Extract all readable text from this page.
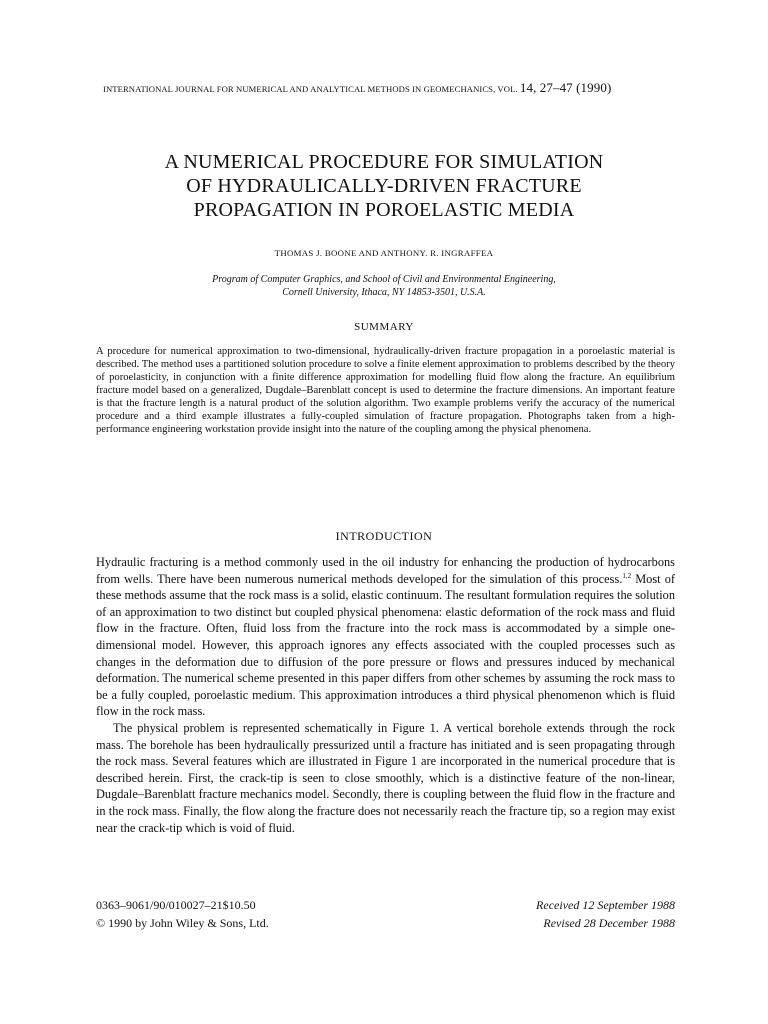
INTERNATIONAL JOURNAL FOR NUMERICAL AND ANALYTICAL METHODS IN GEOMECHANICS, VOL. 14, 27–47 (1990)
A NUMERICAL PROCEDURE FOR SIMULATION
OF HYDRAULICALLY-DRIVEN FRACTURE
PROPAGATION IN POROELASTIC MEDIA
THOMAS J. BOONE AND ANTHONY. R. INGRAFFEA
Program of Computer Graphics, and School of Civil and Environmental Engineering,
Cornell University, Ithaca, NY 14853-3501, U.S.A.
SUMMARY
A procedure for numerical approximation to two-dimensional, hydraulically-driven fracture propagation in a poroelastic material is described. The method uses a partitioned solution procedure to solve a finite element approximation to problems described by the theory of poroelasticity, in conjunction with a finite difference approximation for modelling fluid flow along the fracture. An equilibrium fracture model based on a generalized, Dugdale–Barenblatt concept is used to determine the fracture dimensions. An important feature is that the fracture length is a natural product of the solution algorithm. Two example problems verify the accuracy of the numerical procedure and a third example illustrates a fully-coupled simulation of fracture propagation. Photographs taken from a high-performance engineering workstation provide insight into the nature of the coupling among the physical phenomena.
INTRODUCTION

Hydraulic fracturing is a method commonly used in the oil industry for enhancing the production of hydrocarbons from wells. There have been numerous numerical methods developed for the simulation of this process.$^{1,2}$ Most of these methods assume that the rock mass is a solid, elastic continuum. The resultant formulation requires the solution of an approximation to two distinct but coupled physical phenomena: elastic deformation of the rock mass and fluid flow in the fracture. Often, fluid loss from the fracture into the rock mass is accommodated by a simple one-dimensional model. However, this approach ignores any effects associated with the coupled processes such as changes in the deformation due to diffusion of the pore pressure or flows and pressures induced by mechanical deformation. The numerical scheme presented in this paper differs from other schemes by assuming the rock mass to be a fully coupled, poroelastic medium. This approximation introduces a third physical phenomenon which is fluid flow in the rock mass.

The physical problem is represented schematically in Figure 1. A vertical borehole extends through the rock mass. The borehole has been hydraulically pressurized until a fracture has initiated and is seen propagating through the rock mass. Several features which are illustrated in Figure 1 are incorporated in the numerical procedure that is described herein. First, the crack-tip is seen to close smoothly, which is a distinctive feature of the non-linear, Dugdale–Barenblatt fracture mechanics model. Secondly, there is coupling between the fluid flow in the fracture and in the rock mass. Finally, the flow along the fracture does not necessarily reach the fracture tip, so a region may exist near the crack-tip which is void of fluid.

0363–9061/90/010027–21$10.50
© 1990 by John Wiley & Sons, Ltd.
Received 12 September 1988
Revised 28 December 1988
